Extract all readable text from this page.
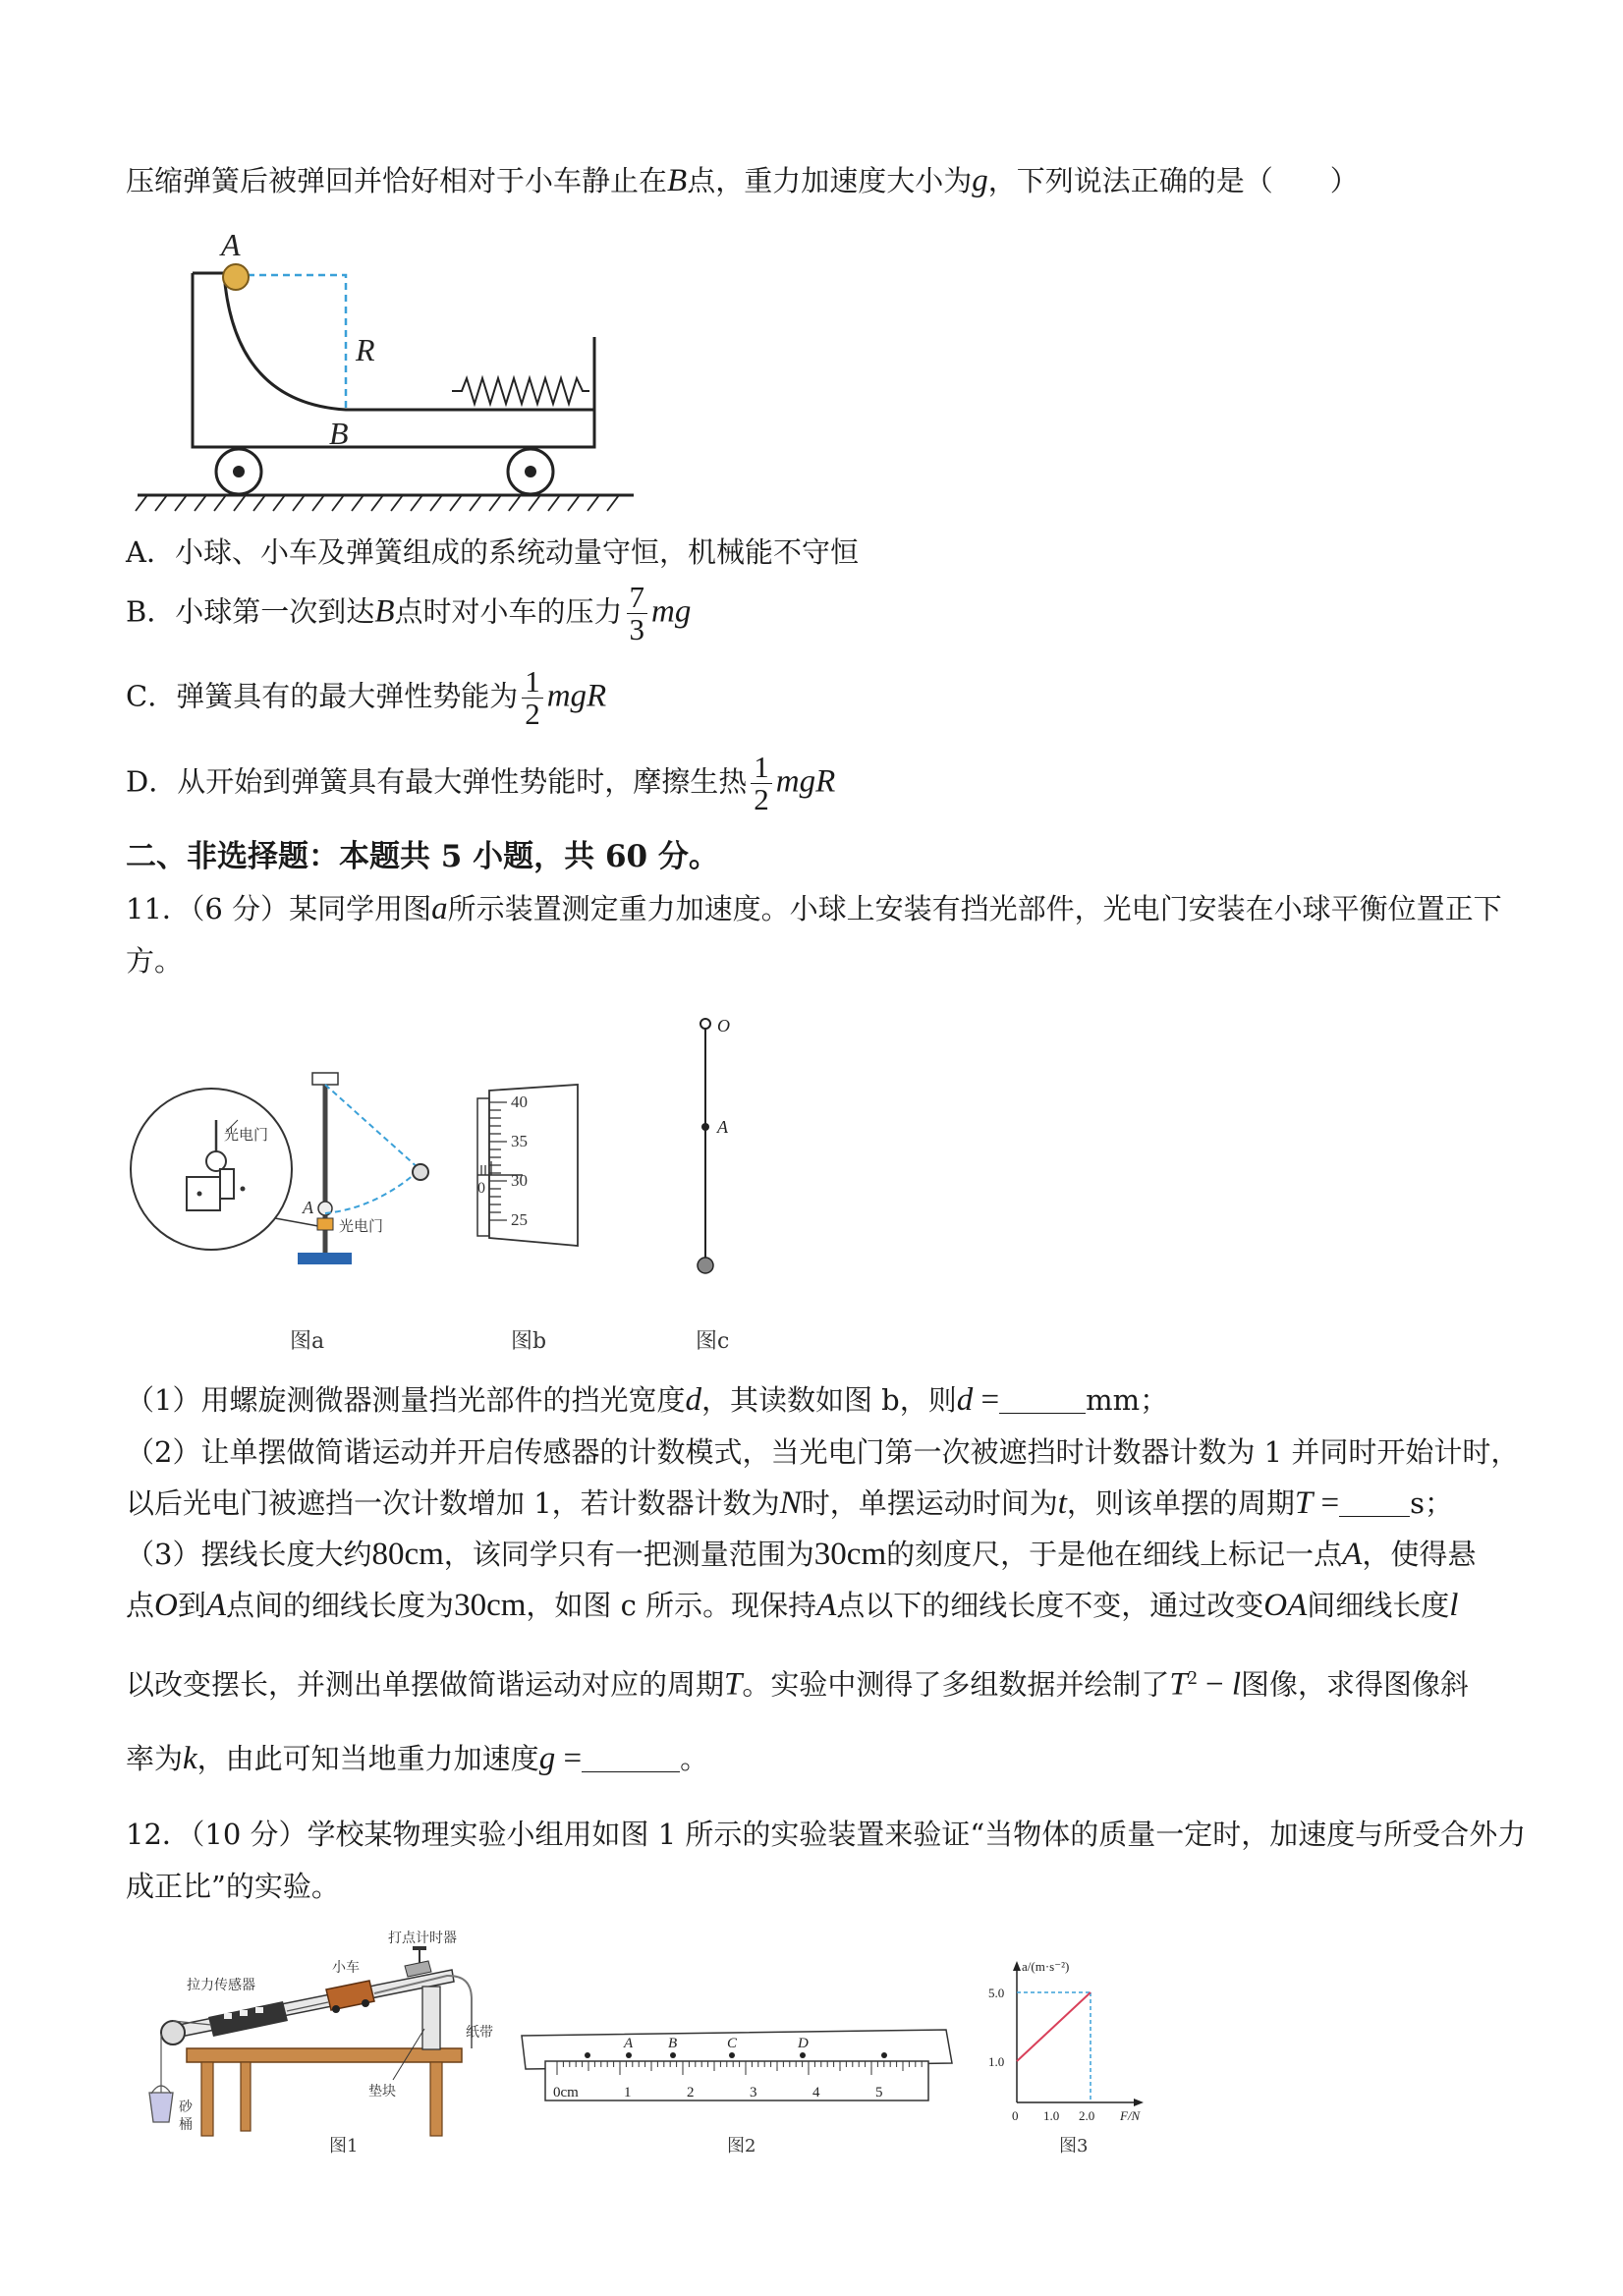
压缩弹簧后被弹回并恰好相对于小车静止在B点，重力加速度大小为g，下列说法正确的是（　　）
A
R
B
A．小球、小车及弹簧组成的系统动量守恒，机械能不守恒
B．小球第一次到达B点时对小车的压力 $\frac{7}{3}$ mg
C．弹簧具有的最大弹性势能为 $\frac{1}{2}$ mgR
D．从开始到弹簧具有最大弹性势能时，摩擦生热 $\frac{1}{2}$ mgR
二、非选择题：本题共 5 小题，共 60 分。
11．（6 分）某同学用图a所示装置测定重力加速度。小球上安装有挡光部件，光电门安装在小球平衡位置正下
方。
光电门
A
光电门
图a
40
35
30
25
0
图b
O
A
图c
（1）用螺旋测微器测量挡光部件的挡光宽度d，其读数如图 b，则d =	mm；
（2）让单摆做简谐运动并开启传感器的计数模式，当光电门第一次被遮挡时计数器计数为 1 并同时开始计时，
以后光电门被遮挡一次计数增加 1，若计数器计数为N时，单摆运动时间为t，则该单摆的周期T = s；
（3）摆线长度大约80cm，该同学只有一把测量范围为30cm的刻度尺，于是他在细线上标记一点A，使得悬
点O到A点间的细线长度为30cm，如图 c 所示。现保持A点以下的细线长度不变，通过改变OA间细线长度l
以改变摆长，并测出单摆做简谐运动对应的周期T。实验中测得了多组数据并绘制了$T^2 - l$图像，求得图像斜
率为k，由此可知当地重力加速度g =	。
12．（10 分）学校某物理实验小组用如图 1 所示的实验装置来验证“当物体的质量一定时，加速度与所受合外力
成正比”的实验。
打点计时器
小车
拉力传感器
纸带
垫块
砂
桶
图1
A B	C	D
0cm	1	2	3	4	5
图2
a/(m·s⁻²)
5.0
1.0
0 1.0 2.0 F/N
图3
